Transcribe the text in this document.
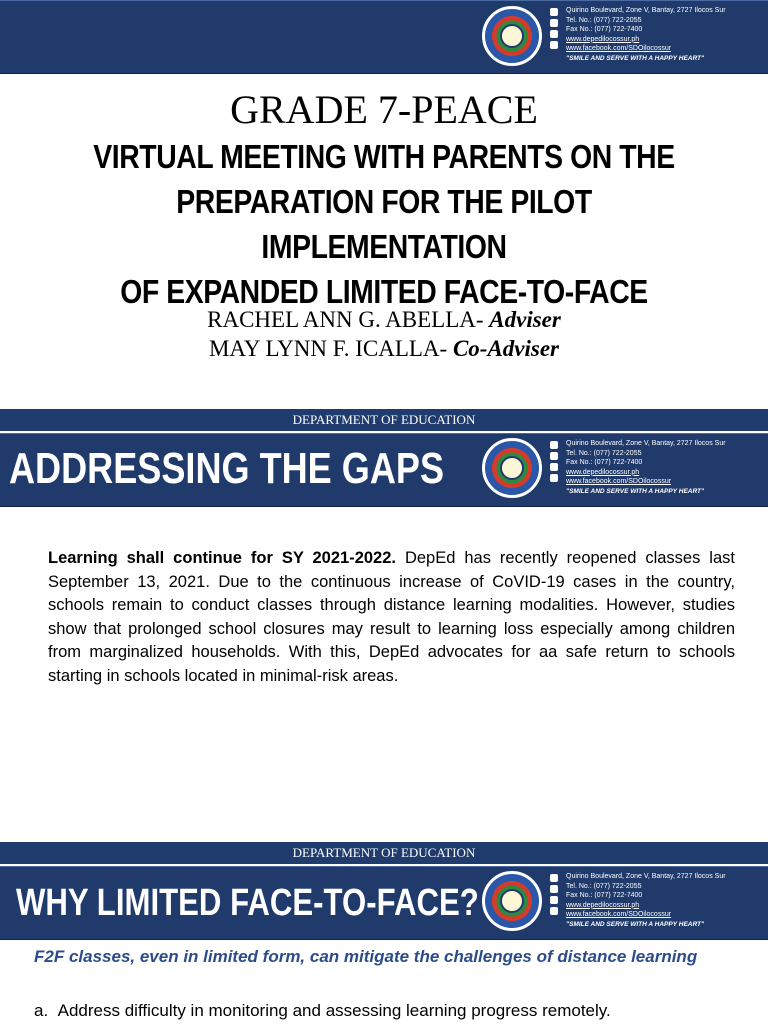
Quirino Boulevard, Zone V, Bantay, 2727 Ilocos Sur
Tel. No.: (077) 722-2055
Fax No.: (077) 722-7400
www.depedilocossur.ph
www.facebook.com/SDOilocossur
"SMILE AND SERVE WITH A HAPPY HEART"
GRADE 7-PEACE
VIRTUAL MEETING WITH PARENTS ON THE
PREPARATION FOR THE PILOT IMPLEMENTATION
OF EXPANDED LIMITED FACE-TO-FACE
RACHEL ANN G. ABELLA- Adviser
MAY LYNN F. ICALLA- Co-Adviser
DEPARTMENT OF EDUCATION
ADDRESSING THE GAPS
Quirino Boulevard, Zone V, Bantay, 2727 Ilocos Sur
Tel. No.: (077) 722-2055
Fax No.: (077) 722-7400
www.depedilocossur.ph
www.facebook.com/SDOilocossur
"SMILE AND SERVE WITH A HAPPY HEART"
Learning shall continue for SY 2021-2022. DepEd has recently reopened classes last September 13, 2021. Due to the continuous increase of CoVID-19 cases in the country, schools remain to conduct classes through distance learning modalities. However, studies show that prolonged school closures may result to learning loss especially among children from marginalized households. With this, DepEd advocates for aa safe return to schools starting in schools located in minimal-risk areas.
DEPARTMENT OF EDUCATION
WHY LIMITED FACE-TO-FACE?
Quirino Boulevard, Zone V, Bantay, 2727 Ilocos Sur
Tel. No.: (077) 722-2055
Fax No.: (077) 722-7400
www.depedilocossur.ph
www.facebook.com/SDOilocossur
"SMILE AND SERVE WITH A HAPPY HEART"
F2F classes, even in limited form, can mitigate the challenges of distance learning
a. Address difficulty in monitoring and assessing learning progress remotely.
